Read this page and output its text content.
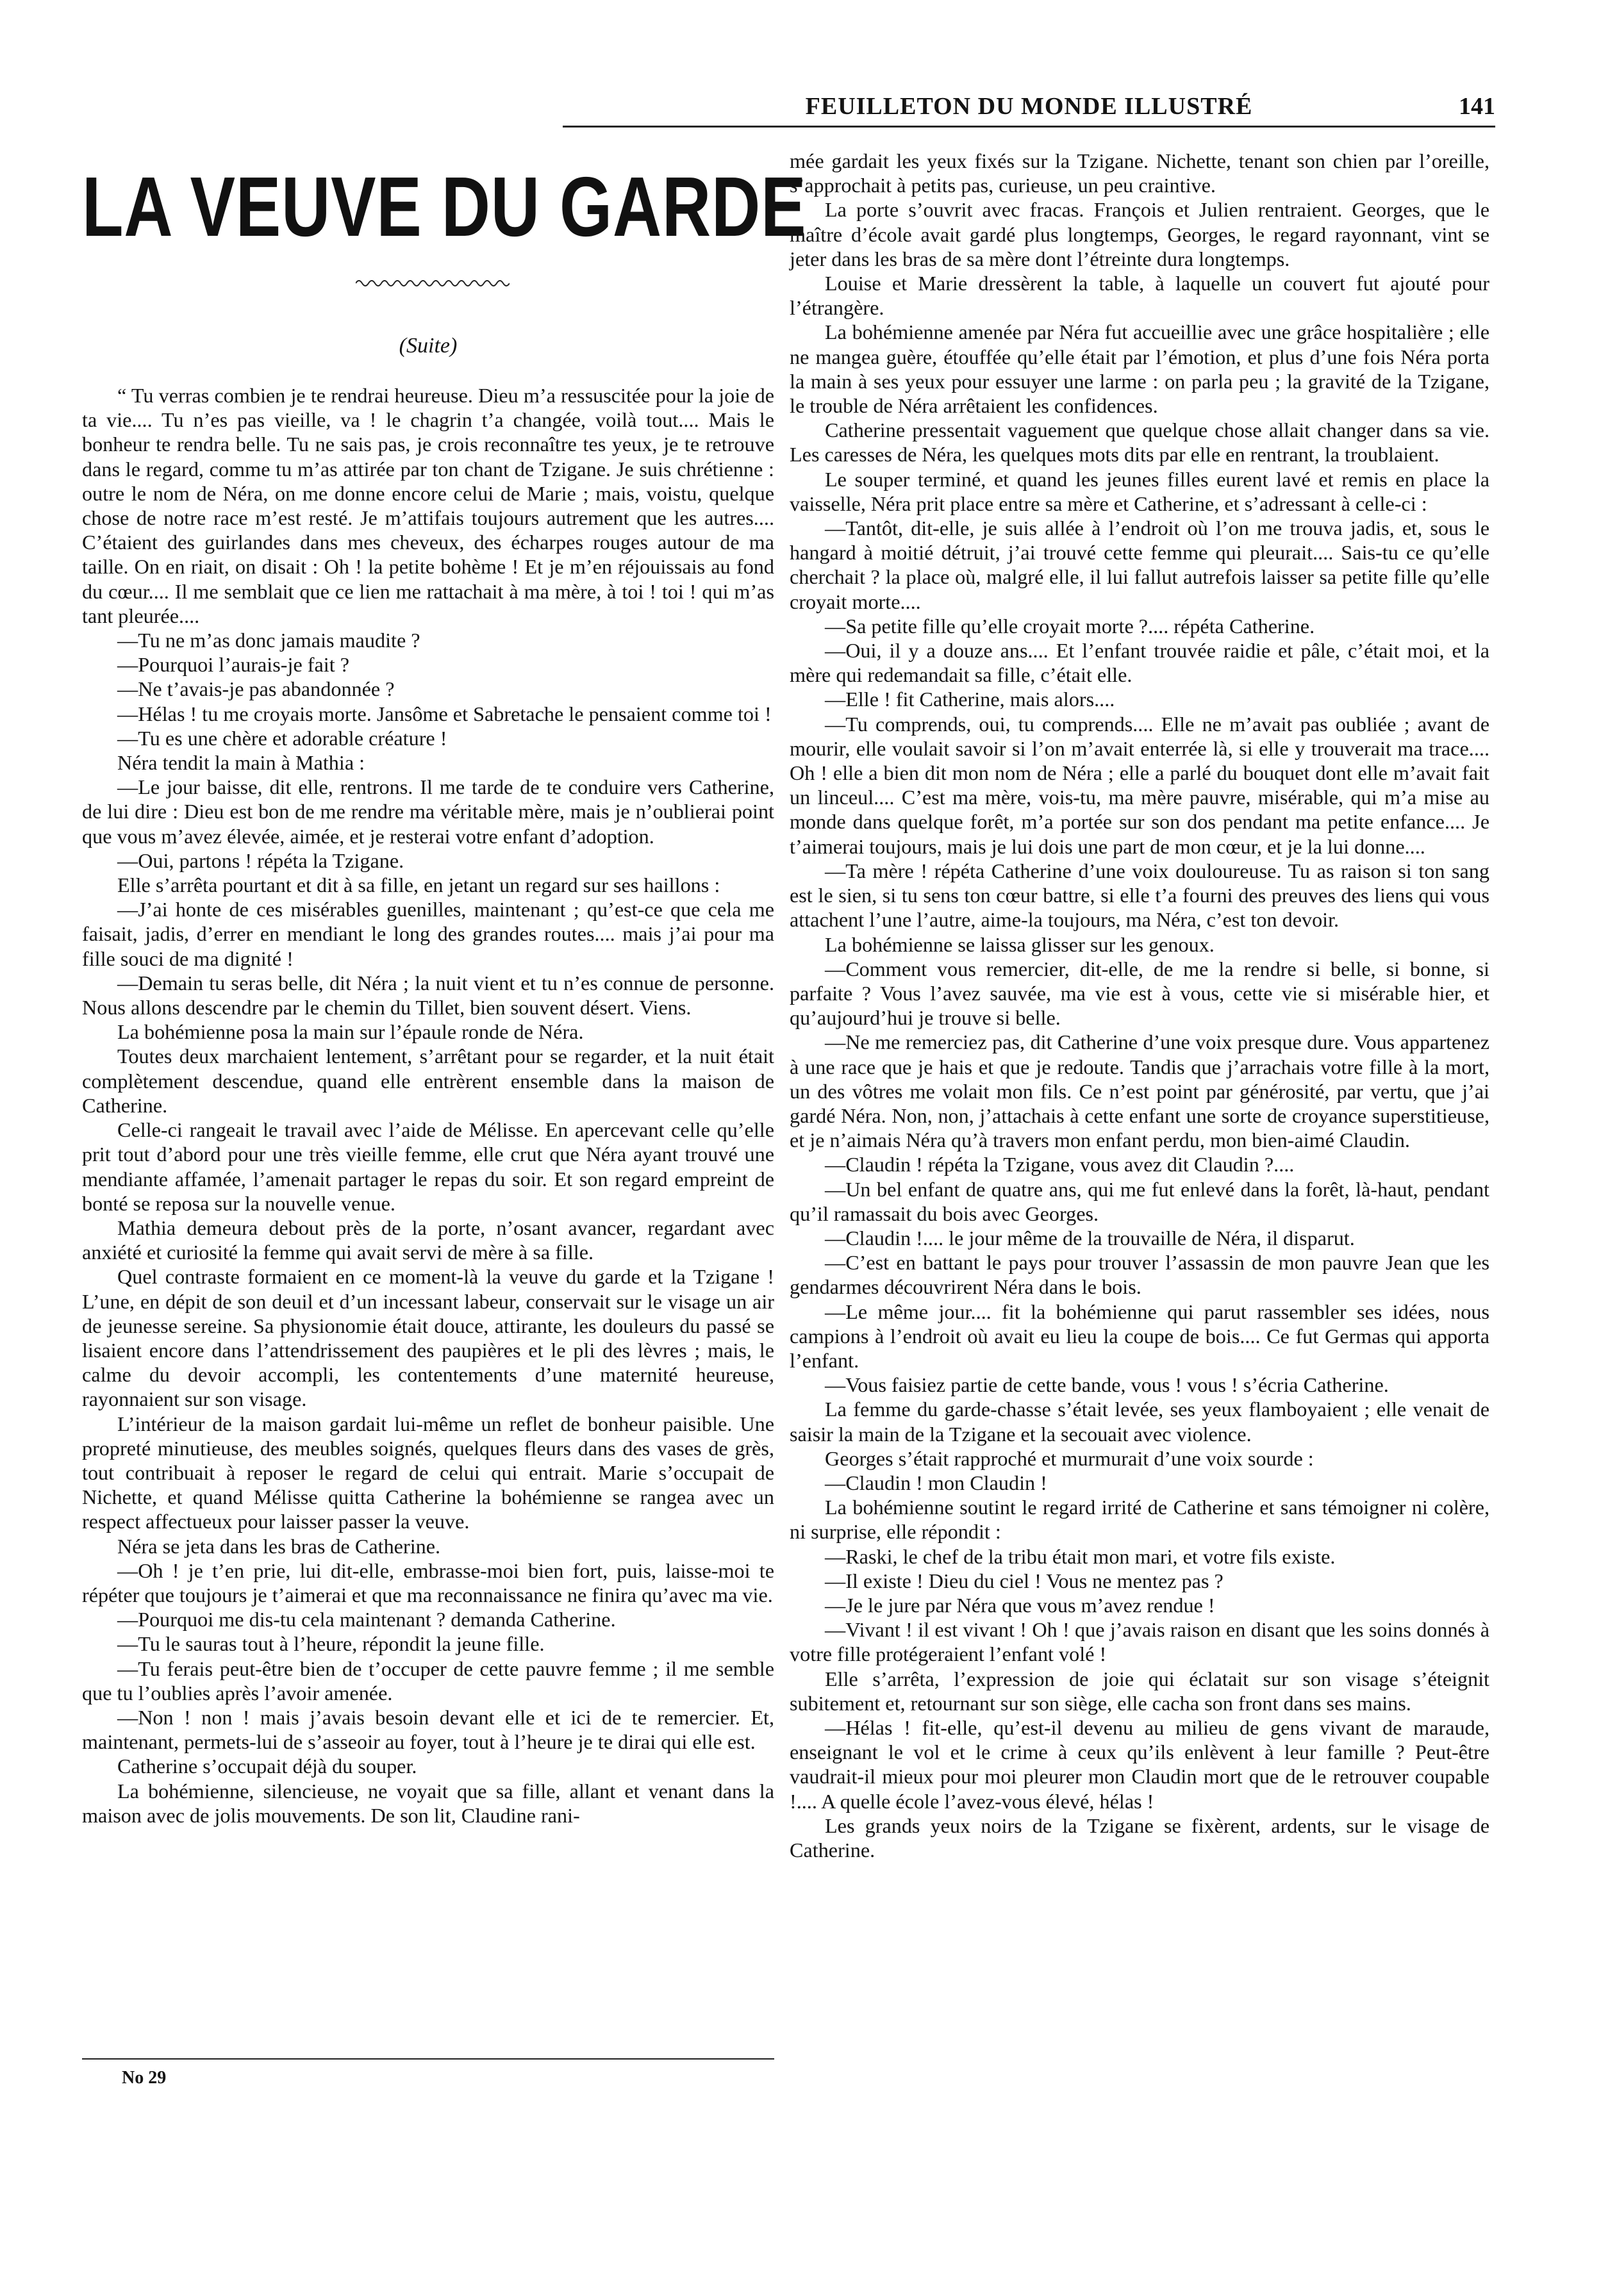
FEUILLETON DU MONDE ILLUSTRÉ	141
LA VEUVE DU GARDE
(Suite)

“ Tu verras combien je te rendrai heureuse. Dieu m’a ressuscitée pour la joie de ta vie.... Tu n’es pas vieille, va ! le chagrin t’a changée, voilà tout.... Mais le bonheur te rendra belle. Tu ne sais pas, je crois reconnaître tes yeux, je te retrouve dans le regard, comme tu m’as attirée par ton chant de Tzigane. Je suis chrétienne : outre le nom de Néra, on me donne encore celui de Marie ; mais, voistu, quelque chose de notre race m’est resté. Je m’attifais toujours autrement que les autres.... C’étaient des guirlandes dans mes cheveux, des écharpes rouges autour de ma taille. On en riait, on disait : Oh ! la petite bohème ! Et je m’en réjouissais au fond du cœur.... Il me semblait que ce lien me rattachait à ma mère, à toi ! toi ! qui m’as tant pleurée....

—Tu ne m’as donc jamais maudite ?

—Pourquoi l’aurais-je fait ?

—Ne t’avais-je pas abandonnée ?

—Hélas ! tu me croyais morte. Jansôme et Sabretache le pensaient comme toi !

—Tu es une chère et adorable créature !

Néra tendit la main à Mathia :

—Le jour baisse, dit elle, rentrons. Il me tarde de te conduire vers Catherine, de lui dire : Dieu est bon de me rendre ma véritable mère, mais je n’oublierai point que vous m’avez élevée, aimée, et je resterai votre enfant d’adoption.

—Oui, partons ! répéta la Tzigane.

Elle s’arrêta pourtant et dit à sa fille, en jetant un regard sur ses haillons :

—J’ai honte de ces misérables guenilles, maintenant ; qu’est-ce que cela me faisait, jadis, d’errer en mendiant le long des grandes routes.... mais j’ai pour ma fille souci de ma dignité !

—Demain tu seras belle, dit Néra ; la nuit vient et tu n’es connue de personne. Nous allons descendre par le chemin du Tillet, bien souvent désert. Viens.

La bohémienne posa la main sur l’épaule ronde de Néra.

Toutes deux marchaient lentement, s’arrêtant pour se regarder, et la nuit était complètement descendue, quand elle entrèrent ensemble dans la maison de Catherine.

Celle-ci rangeait le travail avec l’aide de Mélisse. En apercevant celle qu’elle prit tout d’abord pour une très vieille femme, elle crut que Néra ayant trouvé une mendiante affamée, l’amenait partager le repas du soir. Et son regard empreint de bonté se reposa sur la nouvelle venue.

Mathia demeura debout près de la porte, n’osant avancer, regardant avec anxiété et curiosité la femme qui avait servi de mère à sa fille.

Quel contraste formaient en ce moment-là la veuve du garde et la Tzigane ! L’une, en dépit de son deuil et d’un incessant labeur, conservait sur le visage un air de jeunesse sereine. Sa physionomie était douce, attirante, les douleurs du passé se lisaient encore dans l’attendrissement des paupières et le pli des lèvres ; mais, le calme du devoir accompli, les contentements d’une maternité heureuse, rayonnaient sur son visage.

L’intérieur de la maison gardait lui-même un reflet de bonheur paisible. Une propreté minutieuse, des meubles soignés, quelques fleurs dans des vases de grès, tout contribuait à reposer le regard de celui qui entrait. Marie s’occupait de Nichette, et quand Mélisse quitta Catherine la bohémienne se rangea avec un respect affectueux pour laisser passer la veuve.

Néra se jeta dans les bras de Catherine.

—Oh ! je t’en prie, lui dit-elle, embrasse-moi bien fort, puis, laisse-moi te répéter que toujours je t’aimerai et que ma reconnaissance ne finira qu’avec ma vie.

—Pourquoi me dis-tu cela maintenant ? demanda Catherine.

—Tu le sauras tout à l’heure, répondit la jeune fille.

—Tu ferais peut-être bien de t’occuper de cette pauvre femme ; il me semble que tu l’oublies après l’avoir amenée.

—Non ! non ! mais j’avais besoin devant elle et ici de te remercier. Et, maintenant, permets-lui de s’asseoir au foyer, tout à l’heure je te dirai qui elle est.

Catherine s’occupait déjà du souper.

La bohémienne, silencieuse, ne voyait que sa fille, allant et venant dans la maison avec de jolis mouvements. De son lit, Claudine rani-

mée gardait les yeux fixés sur la Tzigane. Nichette, tenant son chien par l’oreille, s’approchait à petits pas, curieuse, un peu craintive.

La porte s’ouvrit avec fracas. François et Julien rentraient. Georges, que le maître d’école avait gardé plus longtemps, Georges, le regard rayonnant, vint se jeter dans les bras de sa mère dont l’étreinte dura longtemps.

Louise et Marie dressèrent la table, à laquelle un couvert fut ajouté pour l’étrangère.

La bohémienne amenée par Néra fut accueillie avec une grâce hospitalière ; elle ne mangea guère, étouffée qu’elle était par l’émotion, et plus d’une fois Néra porta la main à ses yeux pour essuyer une larme : on parla peu ; la gravité de la Tzigane, le trouble de Néra arrêtaient les confidences.

Catherine pressentait vaguement que quelque chose allait changer dans sa vie. Les caresses de Néra, les quelques mots dits par elle en rentrant, la troublaient.

Le souper terminé, et quand les jeunes filles eurent lavé et remis en place la vaisselle, Néra prit place entre sa mère et Catherine, et s’adressant à celle-ci :

—Tantôt, dit-elle, je suis allée à l’endroit où l’on me trouva jadis, et, sous le hangard à moitié détruit, j’ai trouvé cette femme qui pleurait.... Sais-tu ce qu’elle cherchait ? la place où, malgré elle, il lui fallut autrefois laisser sa petite fille qu’elle croyait morte....

—Sa petite fille qu’elle croyait morte ?.... répéta Catherine.

—Oui, il y a douze ans.... Et l’enfant trouvée raidie et pâle, c’était moi, et la mère qui redemandait sa fille, c’était elle.

—Elle ! fit Catherine, mais alors....

—Tu comprends, oui, tu comprends.... Elle ne m’avait pas oubliée ; avant de mourir, elle voulait savoir si l’on m’avait enterrée là, si elle y trouverait ma trace.... Oh ! elle a bien dit mon nom de Néra ; elle a parlé du bouquet dont elle m’avait fait un linceul.... C’est ma mère, vois-tu, ma mère pauvre, misérable, qui m’a mise au monde dans quelque forêt, m’a portée sur son dos pendant ma petite enfance.... Je t’aimerai toujours, mais je lui dois une part de mon cœur, et je la lui donne....

—Ta mère ! répéta Catherine d’une voix douloureuse. Tu as raison si ton sang est le sien, si tu sens ton cœur battre, si elle t’a fourni des preuves des liens qui vous attachent l’une l’autre, aime-la toujours, ma Néra, c’est ton devoir.

La bohémienne se laissa glisser sur les genoux.

—Comment vous remercier, dit-elle, de me la rendre si belle, si bonne, si parfaite ? Vous l’avez sauvée, ma vie est à vous, cette vie si misérable hier, et qu’aujourd’hui je trouve si belle.

—Ne me remerciez pas, dit Catherine d’une voix presque dure. Vous appartenez à une race que je hais et que je redoute. Tandis que j’arrachais votre fille à la mort, un des vôtres me volait mon fils. Ce n’est point par générosité, par vertu, que j’ai gardé Néra. Non, non, j’attachais à cette enfant une sorte de croyance superstitieuse, et je n’aimais Néra qu’à travers mon enfant perdu, mon bien-aimé Claudin.

—Claudin ! répéta la Tzigane, vous avez dit Claudin ?....

—Un bel enfant de quatre ans, qui me fut enlevé dans la forêt, là-haut, pendant qu’il ramassait du bois avec Georges.

—Claudin !.... le jour même de la trouvaille de Néra, il disparut.

—C’est en battant le pays pour trouver l’assassin de mon pauvre Jean que les gendarmes découvrirent Néra dans le bois.

—Le même jour.... fit la bohémienne qui parut rassembler ses idées, nous campions à l’endroit où avait eu lieu la coupe de bois.... Ce fut Germas qui apporta l’enfant.

—Vous faisiez partie de cette bande, vous ! vous ! s’écria Catherine.

La femme du garde-chasse s’était levée, ses yeux flamboyaient ; elle venait de saisir la main de la Tzigane et la secouait avec violence.

Georges s’était rapproché et murmurait d’une voix sourde :

—Claudin ! mon Claudin !

La bohémienne soutint le regard irrité de Catherine et sans témoigner ni colère, ni surprise, elle répondit :

—Raski, le chef de la tribu était mon mari, et votre fils existe.

—Il existe ! Dieu du ciel ! Vous ne mentez pas ?

—Je le jure par Néra que vous m’avez rendue !

—Vivant ! il est vivant ! Oh ! que j’avais raison en disant que les soins donnés à votre fille protégeraient l’enfant volé !

Elle s’arrêta, l’expression de joie qui éclatait sur son visage s’éteignit subitement et, retournant sur son siège, elle cacha son front dans ses mains.

—Hélas ! fit-elle, qu’est-il devenu au milieu de gens vivant de maraude, enseignant le vol et le crime à ceux qu’ils enlèvent à leur famille ? Peut-être vaudrait-il mieux pour moi pleurer mon Claudin mort que de le retrouver coupable !.... A quelle école l’avez-vous élevé, hélas !

Les grands yeux noirs de la Tzigane se fixèrent, ardents, sur le visage de Catherine.

No 29
